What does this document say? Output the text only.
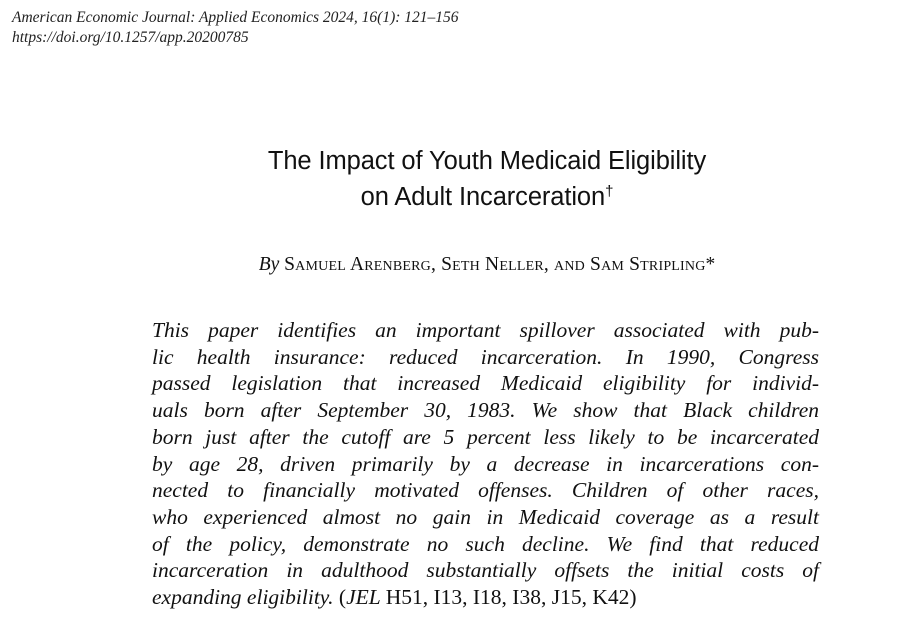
American Economic Journal: Applied Economics 2024, 16(1): 121–156
https://doi.org/10.1257/app.20200785
The Impact of Youth Medicaid Eligibility
on Adult Incarceration†
By Samuel Arenberg, Seth Neller, and Sam Stripling*
This paper identifies an important spillover associated with pub-
lic health insurance: reduced incarceration. In 1990, Congress
passed legislation that increased Medicaid eligibility for individ-
uals born after September 30, 1983. We show that Black children
born just after the cutoff are 5 percent less likely to be incarcerated
by age 28, driven primarily by a decrease in incarcerations con-
nected to financially motivated offenses. Children of other races,
who experienced almost no gain in Medicaid coverage as a result
of the policy, demonstrate no such decline. We find that reduced
incarceration in adulthood substantially offsets the initial costs of
expanding eligibility. (JEL H51, I13, I18, I38, J15, K42)
